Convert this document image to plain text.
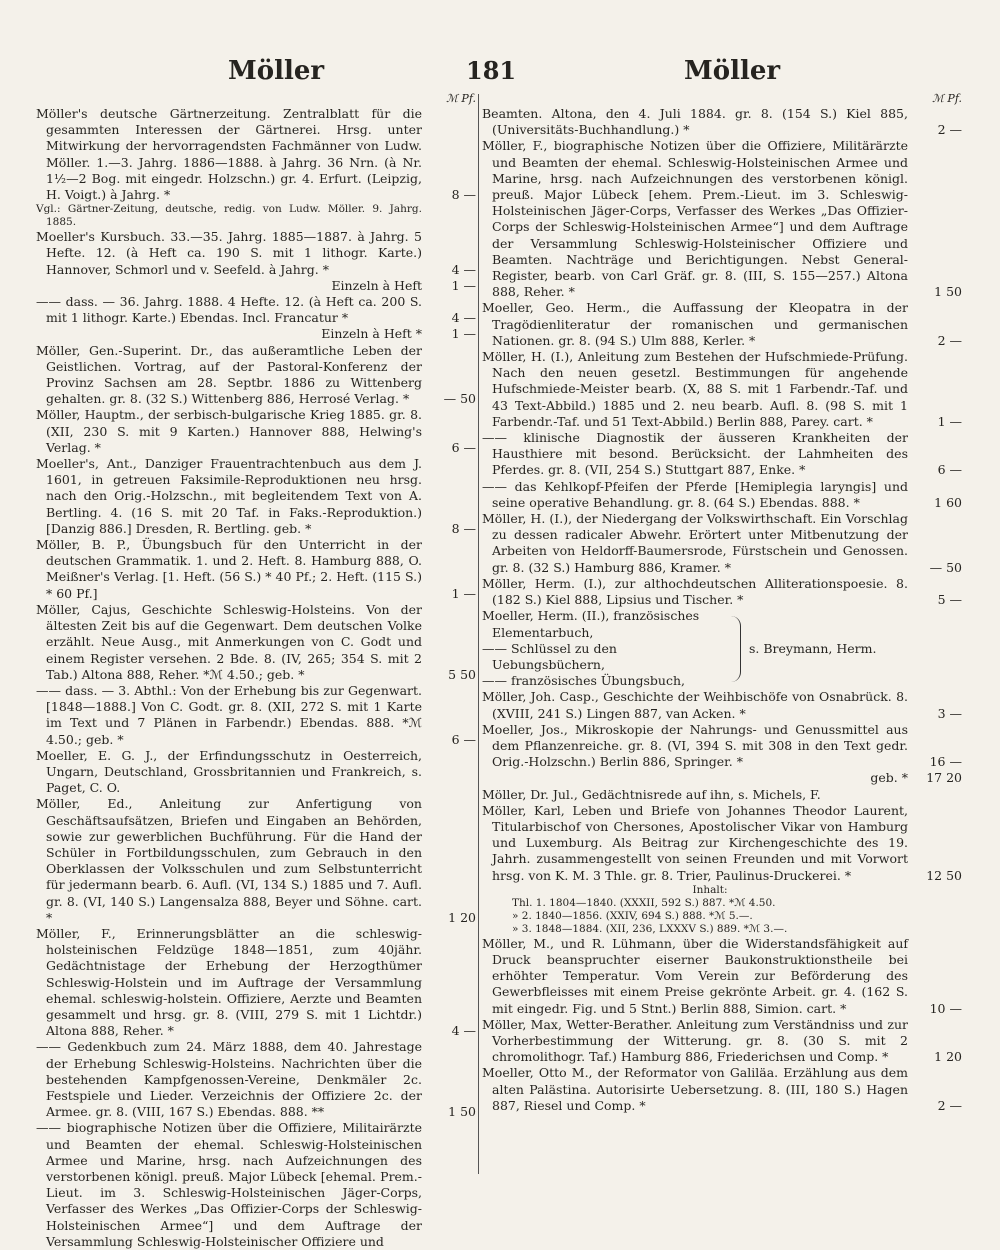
Möller	181	Möller
ℳ Pf.
Möller's deutsche Gärtnerzeitung. Zentralblatt für die gesammten Interessen der Gärtnerei. Hrsg. unter Mitwirkung der hervorragendsten Fachmänner von Ludw. Möller. 1.—3. Jahrg. 1886—1888. à Jahrg. 36 Nrn. (à Nr. 1½—2 Bog. mit eingedr. Holzschn.) gr. 4. Erfurt. (Leipzig, H. Voigt.) à Jahrg. *	8 —
Vgl.: Gärtner-Zeitung, deutsche, redig. von Ludw. Möller. 9. Jahrg. 1885.
Moeller's Kursbuch. 33.—35. Jahrg. 1885—1887. à Jahrg. 5 Hefte. 12. (à Heft ca. 190 S. mit 1 lithogr. Karte.) Hannover, Schmorl und v. Seefeld. à Jahrg. *	4 —
Einzeln à Heft	1 —
—— dass. — 36. Jahrg. 1888. 4 Hefte. 12. (à Heft ca. 200 S. mit 1 lithogr. Karte.) Ebendas. Incl. Francatur *	4 —
Einzeln à Heft *	1 —
Möller, Gen.-Superint. Dr., das außeramtliche Leben der Geistlichen. Vortrag, auf der Pastoral-Konferenz der Provinz Sachsen am 28. Septbr. 1886 zu Wittenberg gehalten. gr. 8. (32 S.) Wittenberg 886, Herrosé Verlag. *	— 50
Möller, Hauptm., der serbisch-bulgarische Krieg 1885. gr. 8. (XII, 230 S. mit 9 Karten.) Hannover 888, Helwing's Verlag. *	6 —
Moeller's, Ant., Danziger Frauentrachtenbuch aus dem J. 1601, in getreuen Faksimile-Reproduktionen neu hrsg. nach den Orig.-Holzschn., mit begleitendem Text von A. Bertling. 4. (16 S. mit 20 Taf. in Faks.-Reproduktion.) [Danzig 886.] Dresden, R. Bertling. geb. *	8 —
Möller, B. P., Übungsbuch für den Unterricht in der deutschen Grammatik. 1. und 2. Heft. 8. Hamburg 888, O. Meißner's Verlag. [1. Heft. (56 S.) * 40 Pf.; 2. Heft. (115 S.) * 60 Pf.]	1 —
Möller, Cajus, Geschichte Schleswig-Holsteins. Von der ältesten Zeit bis auf die Gegenwart. Dem deutschen Volke erzählt. Neue Ausg., mit Anmerkungen von C. Godt und einem Register versehen. 2 Bde. 8. (IV, 265; 354 S. mit 2 Tab.) Altona 888, Reher. *ℳ 4.50.; geb. *	5 50
—— dass. — 3. Abthl.: Von der Erhebung bis zur Gegenwart. [1848—1888.] Von C. Godt. gr. 8. (XII, 272 S. mit 1 Karte im Text und 7 Plänen in Farbendr.) Ebendas. 888. *ℳ 4.50.; geb. *	6 —
Moeller, E. G. J., der Erfindungsschutz in Oesterreich, Ungarn, Deutschland, Grossbritannien und Frankreich, s. Paget, C. O.
Möller, Ed., Anleitung zur Anfertigung von Geschäftsaufsätzen, Briefen und Eingaben an Behörden, sowie zur gewerblichen Buchführung. Für die Hand der Schüler in Fortbildungsschulen, zum Gebrauch in den Oberklassen der Volksschulen und zum Selbstunterricht für jedermann bearb. 6. Aufl. (VI, 134 S.) 1885 und 7. Aufl. gr. 8. (VI, 140 S.) Langensalza 888, Beyer und Söhne. cart. *	1 20
Möller, F., Erinnerungsblätter an die schleswig-holsteinischen Feldzüge 1848—1851, zum 40jähr. Gedächtnistage der Erhebung der Herzogthümer Schleswig-Holstein und im Auftrage der Versammlung ehemal. schleswig-holstein. Offiziere, Aerzte und Beamten gesammelt und hrsg. gr. 8. (VIII, 279 S. mit 1 Lichtdr.) Altona 888, Reher. *	4 —
—— Gedenkbuch zum 24. März 1888, dem 40. Jahrestage der Erhebung Schleswig-Holsteins. Nachrichten über die bestehenden Kampfgenossen-Vereine, Denkmäler 2c. Festspiele und Lieder. Verzeichnis der Offiziere 2c. der Armee. gr. 8. (VIII, 167 S.) Ebendas. 888. **	1 50
—— biographische Notizen über die Offiziere, Militairärzte und Beamten der ehemal. Schleswig-Holsteinischen Armee und Marine, hrsg. nach Aufzeichnungen des verstorbenen königl. preuß. Major Lübeck [ehemal. Prem.-Lieut. im 3. Schleswig-Holsteinischen Jäger-Corps, Verfasser des Werkes „Das Offizier-Corps der Schleswig-Holsteinischen Armee“] und dem Auftrage der Versammlung Schleswig-Holsteinischer Offiziere und
ℳ Pf.
Beamten. Altona, den 4. Juli 1884. gr. 8. (154 S.) Kiel 885, (Universitäts-Buchhandlung.) *	2 —
Möller, F., biographische Notizen über die Offiziere, Militärärzte und Beamten der ehemal. Schleswig-Holsteinischen Armee und Marine, hrsg. nach Aufzeichnungen des verstorbenen königl. preuß. Major Lübeck [ehem. Prem.-Lieut. im 3. Schleswig-Holsteinischen Jäger-Corps, Verfasser des Werkes „Das Offizier-Corps der Schleswig-Holsteinischen Armee“] und dem Auftrage der Versammlung Schleswig-Holsteinischer Offiziere und Beamten. Nachträge und Berichtigungen. Nebst General-Register, bearb. von Carl Gräf. gr. 8. (III, S. 155—257.) Altona 888, Reher. *	1 50
Moeller, Geo. Herm., die Auffassung der Kleopatra in der Tragödienliteratur der romanischen und germanischen Nationen. gr. 8. (94 S.) Ulm 888, Kerler. *	2 —
Möller, H. (I.), Anleitung zum Bestehen der Hufschmiede-Prüfung. Nach den neuen gesetzl. Bestimmungen für angehende Hufschmiede-Meister bearb. (X, 88 S. mit 1 Farbendr.-Taf. und 43 Text-Abbild.) 1885 und 2. neu bearb. Aufl. 8. (98 S. mit 1 Farbendr.-Taf. und 51 Text-Abbild.) Berlin 888, Parey. cart. *	1 —
—— klinische Diagnostik der äusseren Krankheiten der Hausthiere mit besond. Berücksicht. der Lahmheiten des Pferdes. gr. 8. (VII, 254 S.) Stuttgart 887, Enke. *	6 —
—— das Kehlkopf-Pfeifen der Pferde [Hemiplegia laryngis] und seine operative Behandlung. gr. 8. (64 S.) Ebendas. 888. *	1 60
Möller, H. (I.), der Niedergang der Volkswirthschaft. Ein Vorschlag zu dessen radicaler Abwehr. Erörtert unter Mitbenutzung der Arbeiten von Heldorff-Baumersrode, Fürstschein und Genossen. gr. 8. (32 S.) Hamburg 886, Kramer. *	— 50
Möller, Herm. (I.), zur althochdeutschen Alliterationspoesie. 8. (182 S.) Kiel 888, Lipsius und Tischer. *	5 —
Moeller, Herm. (II.), französisches Elementarbuch,
—— Schlüssel zu den Uebungsbüchern,
—— französisches Übungsbuch,
s. Breymann, Herm.
Möller, Joh. Casp., Geschichte der Weihbischöfe von Osnabrück. 8. (XVIII, 241 S.) Lingen 887, van Acken. *	3 —
Moeller, Jos., Mikroskopie der Nahrungs- und Genussmittel aus dem Pflanzenreiche. gr. 8. (VI, 394 S. mit 308 in den Text gedr. Orig.-Holzschn.) Berlin 886, Springer. *	16 —
geb. *	17 20
Möller, Dr. Jul., Gedächtnisrede auf ihn, s. Michels, F.
Möller, Karl, Leben und Briefe von Johannes Theodor Laurent, Titularbischof von Chersones, Apostolischer Vikar von Hamburg und Luxemburg. Als Beitrag zur Kirchengeschichte des 19. Jahrh. zusammengestellt von seinen Freunden und mit Vorwort hrsg. von K. M. 3 Thle. gr. 8. Trier, Paulinus-Druckerei. *	12 50
Inhalt:
Thl. 1. 1804—1840. (XXXII, 592 S.) 887. *ℳ 4.50.
» 2. 1840—1856. (XXIV, 694 S.) 888. *ℳ 5.—.
» 3. 1848—1884. (XII, 236, LXXXV S.) 889. *ℳ 3.—.
Möller, M., und R. Lühmann, über die Widerstandsfähigkeit auf Druck beanspruchter eiserner Baukonstruktionstheile bei erhöhter Temperatur. Vom Verein zur Beförderung des Gewerbfleisses mit einem Preise gekrönte Arbeit. gr. 4. (162 S. mit eingedr. Fig. und 5 Stnt.) Berlin 888, Simion. cart. *	10 —
Möller, Max, Wetter-Berather. Anleitung zum Verständniss und zur Vorherbestimmung der Witterung. gr. 8. (30 S. mit 2 chromolithogr. Taf.) Hamburg 886, Friederichsen und Comp. *	1 20
Moeller, Otto M., der Reformator von Galiläa. Erzählung aus dem alten Palästina. Autorisirte Uebersetzung. 8. (III, 180 S.) Hagen 887, Riesel und Comp. *	2 —
